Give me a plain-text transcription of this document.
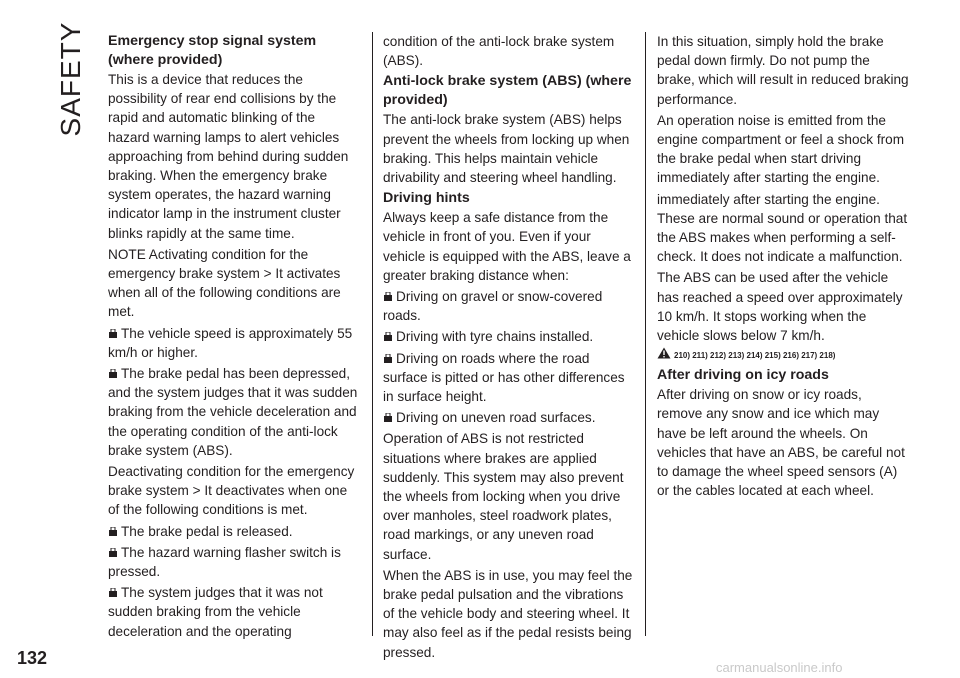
SAFETY Emergency stop signal system (where provided)

This is a device that reduces the possibility of rear end collisions by the rapid and automatic blinking of the hazard warning lamps to alert vehicles approaching from behind during sudden braking. When the emergency brake system operates, the hazard warning indicator lamp in the instrument cluster blinks rapidly at the same time.

NOTE Activating condition for the emergency brake system > It activates when all of the following conditions are met.

The vehicle speed is approximately 55 km/h or higher.

The brake pedal has been depressed, and the system judges that it was sudden braking from the vehicle deceleration and the operating condition of the anti-lock brake system (ABS).

Deactivating condition for the emergency brake system > It deactivates when one of the following conditions is met.

The brake pedal is released.

The hazard warning flasher switch is pressed.

The system judges that it was not sudden braking from the vehicle deceleration and the operating

condition of the anti-lock brake system (ABS).

Anti-lock brake system (ABS) (where provided)

The anti-lock brake system (ABS) helps prevent the wheels from locking up when braking. This helps maintain vehicle drivability and steering wheel handling.

Driving hints

Always keep a safe distance from the vehicle in front of you. Even if your vehicle is equipped with the ABS, leave a greater braking distance when:

Driving on gravel or snow-covered roads.

Driving with tyre chains installed.

Driving on roads where the road surface is pitted or has other differences in surface height.

Driving on uneven road surfaces.

Operation of ABS is not restricted situations where brakes are applied suddenly. This system may also prevent the wheels from locking when you drive over manholes, steel roadwork plates, road markings, or any uneven road surface.

When the ABS is in use, you may feel the brake pedal pulsation and the vibrations of the vehicle body and steering wheel. It may also feel as if the pedal resists being pressed.

In this situation, simply hold the brake pedal down firmly. Do not pump the brake, which will result in reduced braking performance.

An operation noise is emitted from the engine compartment or feel a shock from the brake pedal when start driving immediately after starting the engine.

immediately after starting the engine. These are normal sound or operation that the ABS makes when performing a self-check. It does not indicate a malfunction.

The ABS can be used after the vehicle has reached a speed over approximately 10 km/h. It stops working when the vehicle slows below 7 km/h.

210) 211) 212) 213) 214) 215) 216) 217) 218)

After driving on icy roads

After driving on snow or icy roads, remove any snow and ice which may have be left around the wheels. On vehicles that have an ABS, be careful not to damage the wheel speed sensors (A) or the cables located at each wheel.

132	carmanualsonline.info
